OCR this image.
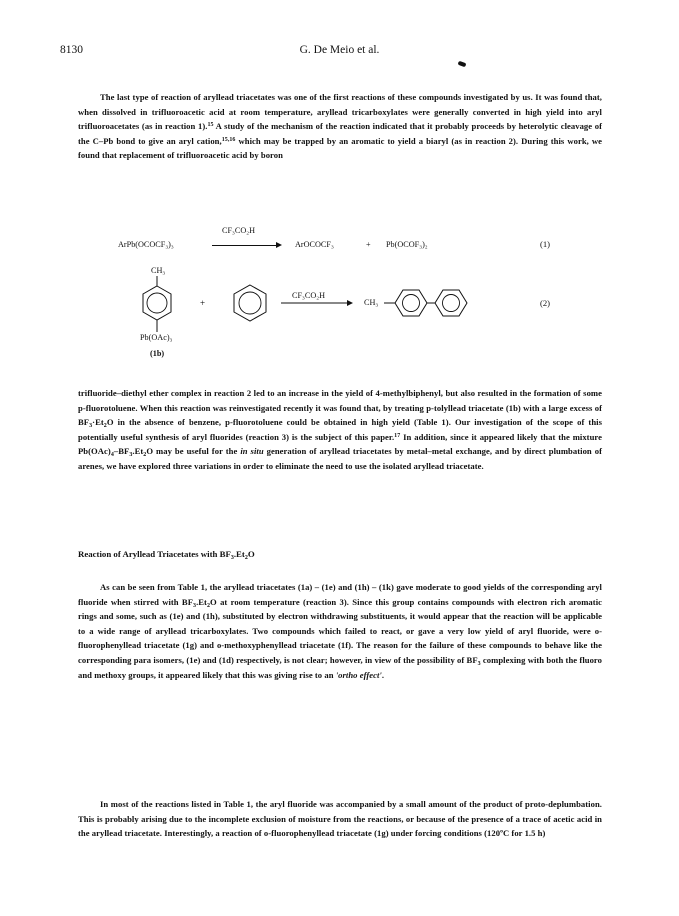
8130	G. De Meio et al.
The last type of reaction of aryllead triacetates was one of the first reactions of these compounds investigated by us. It was found that, when dissolved in trifluoroacetic acid at room temperature, aryllead tricarboxylates were generally converted in high yield into aryl trifluoroacetates (as in reaction 1).$^{15}$ A study of the mechanism of the reaction indicated that it probably proceeds by heterolytic cleavage of the C–Pb bond to give an aryl cation,$^{15,16}$ which may be trapped by an aromatic to yield a biaryl (as in reaction 2). During this work, we found that replacement of trifluoroacetic acid by boron
ArPb(OCOCF₃)₃
CF₃CO₂H
ArOCOCF₃	+ Pb(OCOF₃)₂	(1)
CH₃
+
CF₃CO₂H
CH₃
Pb(OAc)₃
(1b)
(2)
trifluoride–diethyl ether complex in reaction 2 led to an increase in the yield of 4-methylbiphenyl, but also resulted in the formation of some p-fluorotoluene. When this reaction was reinvestigated recently it was found that, by treating p-tolyllead triacetate (1b) with a large excess of $BF_3\cdot Et_2O$ in the absence of benzene, p-fluorotoluene could be obtained in high yield (Table 1). Our investigation of the scope of this potentially useful synthesis of aryl fluorides (reaction 3) is the subject of this paper.$^{17}$ In addition, since it appeared likely that the mixture $Pb(OAc)_4-BF_3.Et_2O$ may be useful for the in situ generation of aryllead triacetates by metal–metal exchange, and by direct plumbation of arenes, we have explored three variations in order to eliminate the need to use the isolated aryllead triacetate.
Reaction of Aryllead Triacetates with $BF_3.Et_2O$
As can be seen from Table 1, the aryllead triacetates (1a) – (1e) and (1h) – (1k) gave moderate to good yields of the corresponding aryl fluoride when stirred with $BF_3.Et_2O$ at room temperature (reaction 3). Since this group contains compounds with electron rich aromatic rings and some, such as (1e) and (1h), substituted by electron withdrawing substituents, it would appear that the reaction will be applicable to a wide range of aryllead tricarboxylates. Two compounds which failed to react, or gave a very low yield of aryl fluoride, were o-fluorophenyllead triacetate (1g) and o-methoxyphenyllead triacetate (1f). The reason for the failure of these compounds to behave like the corresponding para isomers, (1e) and (1d) respectively, is not clear; however, in view of the possibility of $BF_3$ complexing with both the fluoro and methoxy groups, it appeared likely that this was giving rise to an 'ortho effect'.
In most of the reactions listed in Table 1, the aryl fluoride was accompanied by a small amount of the product of proto-deplumbation. This is probably arising due to the incomplete exclusion of moisture from the reactions, or because of the presence of a trace of acetic acid in the aryllead triacetate. Interestingly, a reaction of o-fluorophenyllead triacetate (1g) under forcing conditions (120ºC for 1.5 h)
